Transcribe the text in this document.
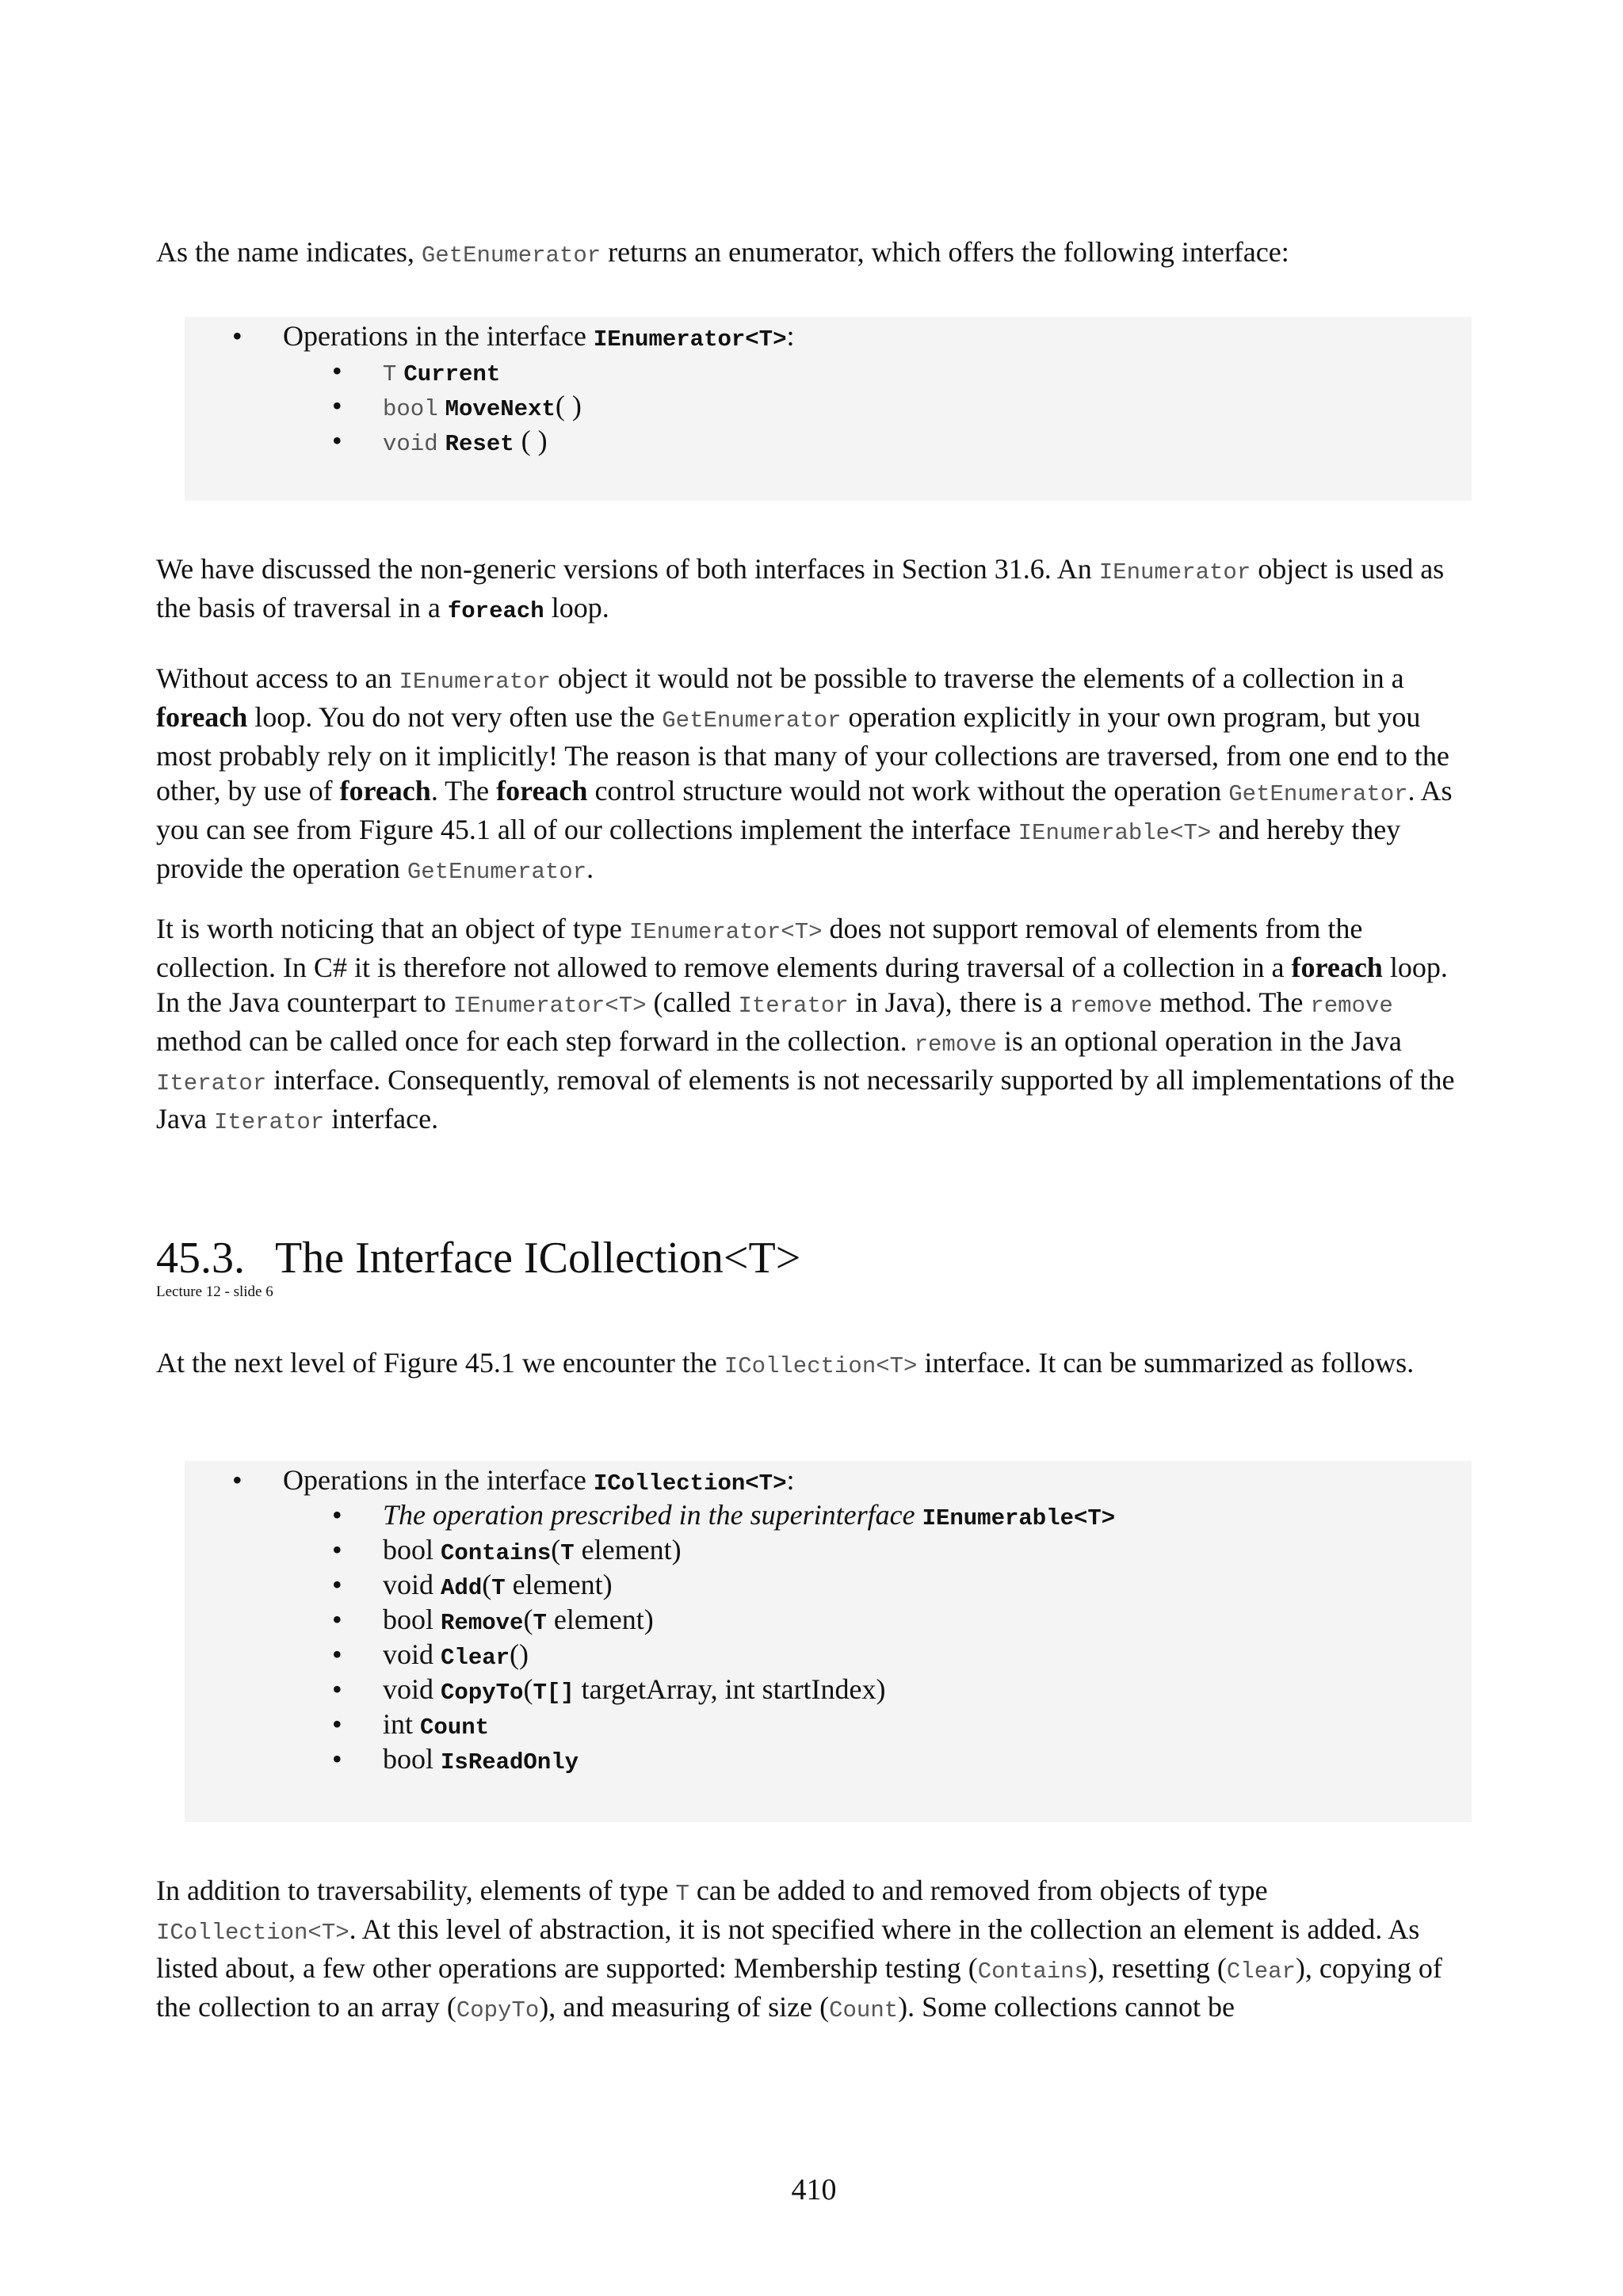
As the name indicates, GetEnumerator returns an enumerator, which offers the following interface:

• Operations in the interface IEnumerator<T>:
• T Current
• bool MoveNext( )
• void Reset ( )

We have discussed the non-generic versions of both interfaces in Section 31.6. An IEnumerator object is used as the basis of traversal in a foreach loop.

Without access to an IEnumerator object it would not be possible to traverse the elements of a collection in a foreach loop. You do not very often use the GetEnumerator operation explicitly in your own program, but you most probably rely on it implicitly! The reason is that many of your collections are traversed, from one end to the other, by use of foreach. The foreach control structure would not work without the operation GetEnumerator. As you can see from Figure 45.1 all of our collections implement the interface IEnumerable<T> and hereby they provide the operation GetEnumerator.

It is worth noticing that an object of type IEnumerator<T> does not support removal of elements from the collection. In C# it is therefore not allowed to remove elements during traversal of a collection in a foreach loop. In the Java counterpart to IEnumerator<T> (called Iterator in Java), there is a remove method. The remove method can be called once for each step forward in the collection. remove is an optional operation in the Java Iterator interface. Consequently, removal of elements is not necessarily supported by all implementations of the Java Iterator interface.

45.3. The Interface ICollection<T>
Lecture 12 - slide 6

At the next level of Figure 45.1 we encounter the ICollection<T> interface. It can be summarized as follows.

• Operations in the interface ICollection<T>:
• The operation prescribed in the superinterface IEnumerable<T>
• bool Contains(T element)
• void Add(T element)
• bool Remove(T element)
• void Clear()
• void CopyTo(T[] targetArray, int startIndex)
• int Count
• bool IsReadOnly

In addition to traversability, elements of type T can be added to and removed from objects of type ICollection<T>. At this level of abstraction, it is not specified where in the collection an element is added. As listed about, a few other operations are supported: Membership testing (Contains), resetting (Clear), copying of the collection to an array (CopyTo), and measuring of size (Count). Some collections cannot be

410
